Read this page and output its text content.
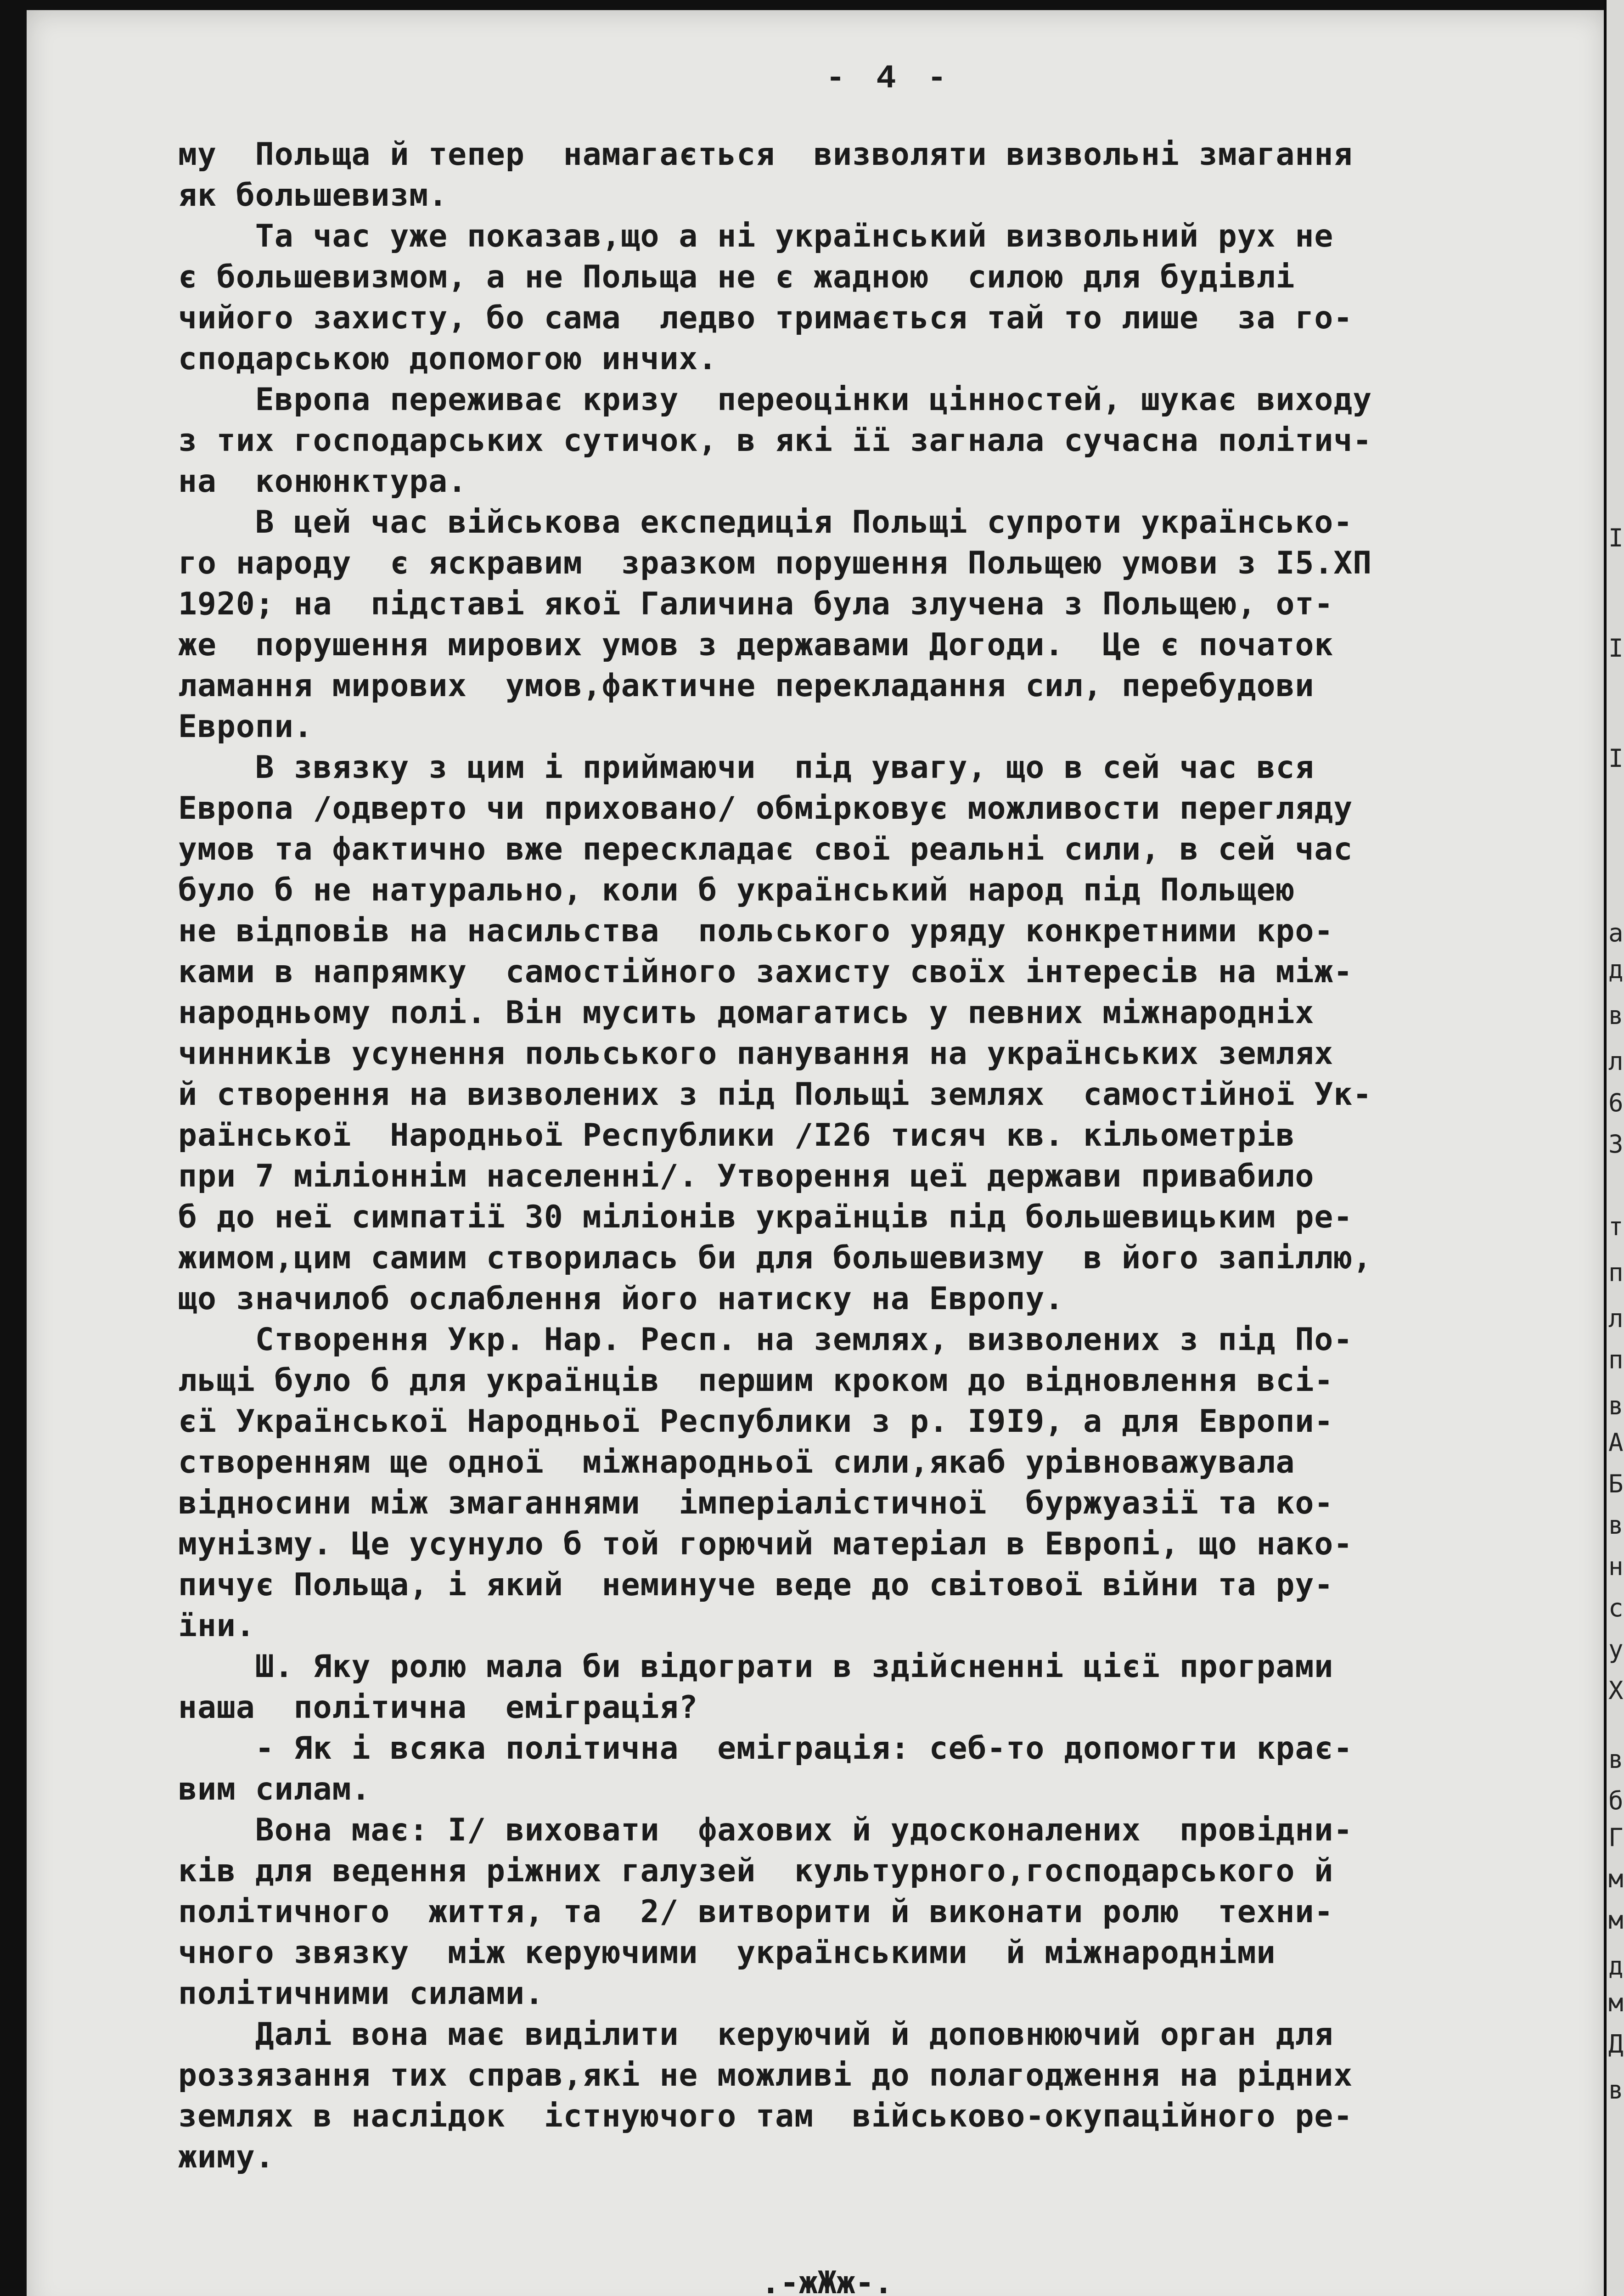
- 4 -
му  Польща й тепер  намагається  визволяти визвольні змагання
як большевизм.
Та час уже показав,що а ні український визвольний рух не
є большевизмом, а не Польща не є жадною  силою для будівлі
чийого захисту, бо сама  ледво тримається тай то лише  за го-
сподарською допомогою инчих.
Европа переживає кризу  переоцінки цінностей, шукає виходу
з тих господарських сутичок, в які її загнала сучасна політич-
на  конюнктура.
В цей час військова експедиція Польщі супроти українсько-
го народу  є яскравим  зразком порушення Польщею умови з І5.ХП
1920; на  підставі якої Галичина була злучена з Польщею, от-
же  порушення мирових умов з державами Догоди.  Це є початок
ламання мирових  умов,фактичне перекладання сил, перебудови
Европи.
В звязку з цим і приймаючи  під увагу, що в сей час вся
Европа /одверто чи приховано/ обмірковує можливости перегляду
умов та фактично вже перескладає свої реальні сили, в сей час
було б не натурально, коли б український народ під Польщею
не відповів на насильства  польського уряду конкретними кро-
ками в напрямку  самостійного захисту своїх інтересів на між-
народньому полі. Він мусить домагатись у певних міжнародніх
чинників усунення польського панування на українських землях
й створення на визволених з під Польщі землях  самостійної Ук-
раїнської  Народньої Республики /І26 тисяч кв. кільометрів
при 7 міліоннім населенні/. Утворення цеї держави привабило
б до неї симпатії 30 міліонів українців під большевицьким ре-
жимом,цим самим створилась би для большевизму  в його запіллю,
що значилоб ослаблення його натиску на Европу.
Створення Укр. Нар. Респ. на землях, визволених з під По-
льщі було б для українців  першим кроком до відновлення всі-
єї Української Народньої Республики з р. І9І9, а для Европи-
створенням ще одної  міжнародньої сили,якаб урівноважувала
відносини між змаганнями  імперіалістичної  буржуазії та ко-
мунізму. Це усунуло б той горючий матеріал в Европі, що нако-
пичує Польща, і який  неминуче веде до світової війни та ру-
їни.
Ш. Яку ролю мала би відограти в здійсненні цієї програми
наша  політична  еміграція?
- Як і всяка політична  еміграція: себ-то допомогти крає-
вим силам.
Вона має: І/ виховати  фахових й удосконалених  провідни-
ків для ведення ріжних галузей  культурного,господарського й
політичного  життя, та  2/ витворити й виконати ролю  техни-
чного звязку  між керуючими  українськими  й міжнародніми
політичними силами.
Далі вона має виділити  керуючий й доповнюючий орган для
роззязання тих справ,які не можливі до полагодження на рідних
землях в наслідок  істнуючого там  військово-окупаційного ре-
жиму.
.-жЖж-.
І
І
І
а
д
в
л
6
3
т
п
л
п
в
А
Б
в
н
с
у
Х
в
б
Г
м
м
д
м
Д
в
